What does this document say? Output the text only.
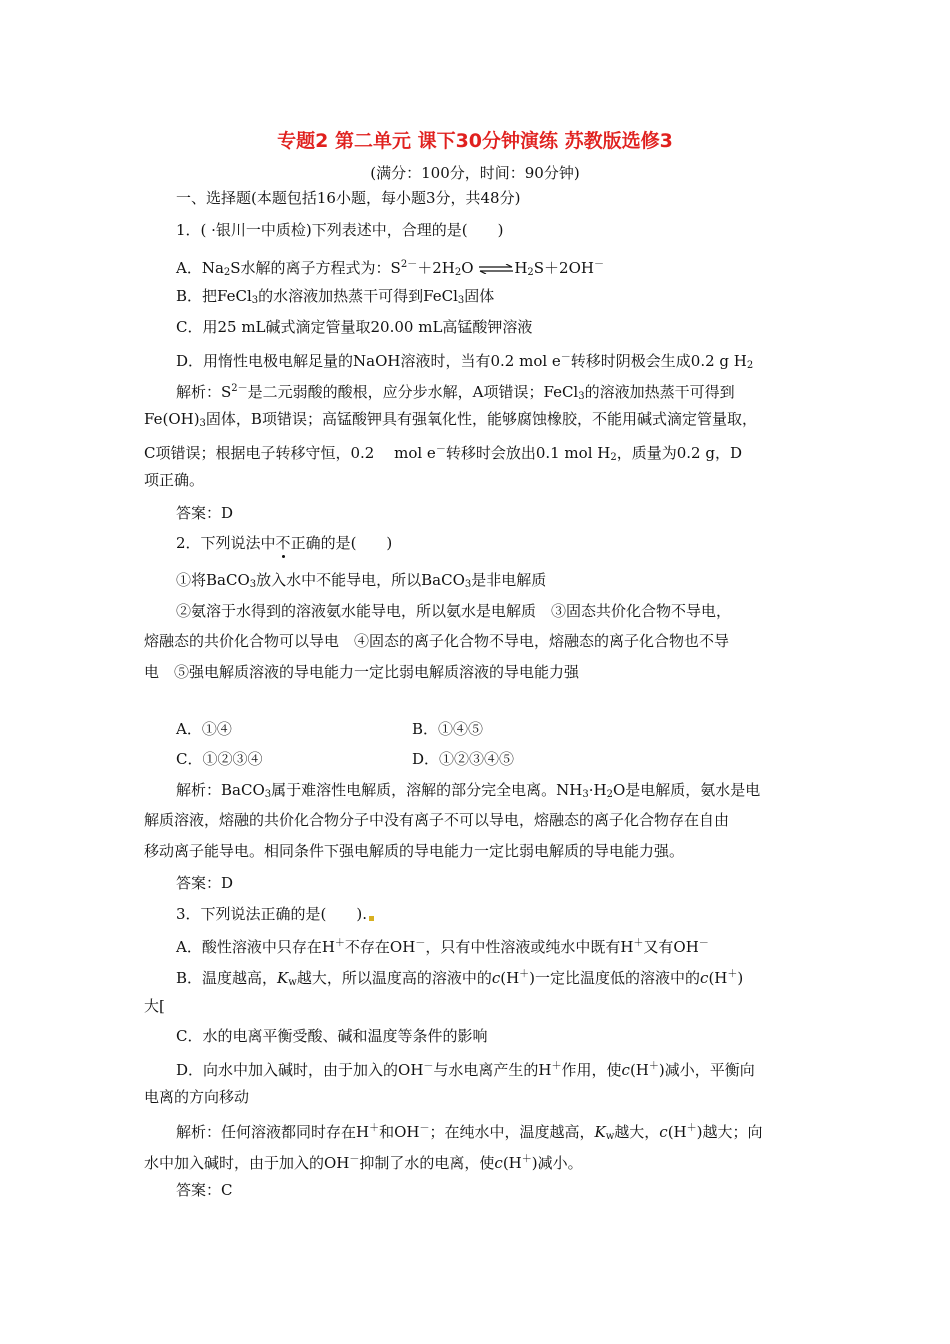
专题2 第二单元 课下30分钟演练 苏教版选修3
(满分：100分，时间：90分钟)
一、选择题(本题包括16小题，每小题3分，共48分)
1．( ·银川一中质检)下列表述中，合理的是(　　)
A．$Na_2S$水解的离子方程式为：$S^{2-}+2H_2O$ $\rightleftharpoons H_2S+2OH^-$
B．把FeCl$_3$的水溶液加热蒸干可得到FeCl$_3$固体
C．用25 mL碱式滴定管量取20.00 mL高锰酸钾溶液
D．用惰性电极电解足量的NaOH溶液时，当有0.2 mol e－转移时阴极会生成0.2 g $H_2$
解析：$S^{2-}$是二元弱酸的酸根，应分步水解，A项错误；FeCl$_3$的溶液加热蒸干可得到
$Fe(OH)_3$固体，B项错误；高锰酸钾具有强氧化性，能够腐蚀橡胶，不能用碱式滴定管量取，
C项错误；根据电子转移守恒，0.2　 mol e－转移时会放出0.1 mol $H_2$，质量为0.2 g，D
项正确。
答案：D
2．下列说法中不正确的是(　　)
①将BaCO$_3$放入水中不能导电，所以BaCO$_3$是非电解质
②氨溶于水得到的溶液氨水能导电，所以氨水是电解质　③固态共价化合物不导电，
熔融态的共价化合物可以导电　④固态的离子化合物不导电，熔融态的离子化合物也不导
电　⑤强电解质溶液的导电能力一定比弱电解质溶液的导电能力强
A．①④	B．①④⑤
C．①②③④	D．①②③④⑤
解析：BaCO$_3$属于难溶性电解质，溶解的部分完全电离。$NH_3\cdot H_2O$是电解质，氨水是电
解质溶液，熔融的共价化合物分子中没有离子不可以导电，熔融态的离子化合物存在自由
移动离子能导电。相同条件下强电解质的导电能力一定比弱电解质的导电能力强。
答案：D
3．下列说法正确的是(　　).
A．酸性溶液中只存在H＋不存在OH－，只有中性溶液或纯水中既有H＋又有OH－
B．温度越高，$K_w$越大，所以温度高的溶液中的c(H＋)一定比温度低的溶液中的c(H＋)
大[
C．水的电离平衡受酸、碱和温度等条件的影响
D．向水中加入碱时，由于加入的OH－与水电离产生的H＋作用，使c(H＋)减小，平衡向
电离的方向移动
解析：任何溶液都同时存在H＋和OH－；在纯水中，温度越高，$K_w$越大，c(H＋)越大；向
水中加入碱时，由于加入的OH－抑制了水的电离，使c(H＋)减小。
答案：C
